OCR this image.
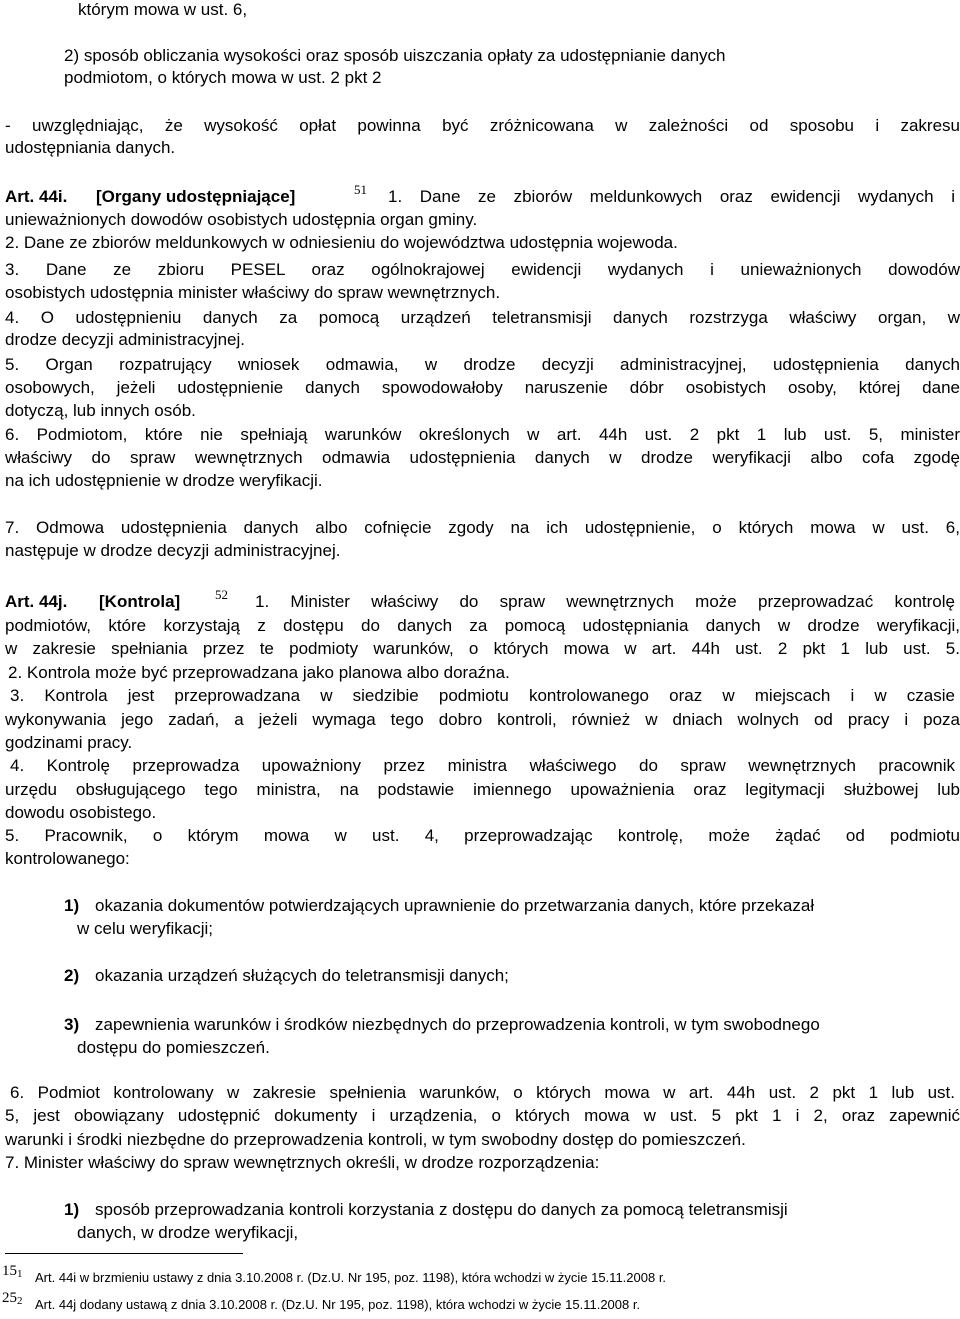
którym mowa w ust. 6,

2) sposób obliczania wysokości oraz sposób uiszczania opłaty za udostępnianie danych

podmiotom, o których mowa w ust. 2 pkt 2

- uwzględniając, że wysokość opłat powinna być zróżnicowana w zależności od sposobu i zakresu

udostępniania danych.

Art. 44i. [Organy udostępniające]	51 1. Dane ze zbiorów meldunkowych oraz ewidencji wydanych i

unieważnionych dowodów osobistych udostępnia organ gminy.

2. Dane ze zbiorów meldunkowych w odniesieniu do województwa udostępnia wojewoda.

3. Dane ze zbioru PESEL oraz ogólnokrajowej ewidencji wydanych i unieważnionych dowodów

osobistych udostępnia minister właściwy do spraw wewnętrznych.

4. O udostępnieniu danych za pomocą urządzeń teletransmisji danych rozstrzyga właściwy organ, w

drodze decyzji administracyjnej.

5. Organ rozpatrujący wniosek odmawia, w drodze decyzji administracyjnej, udostępnienia danych

osobowych, jeżeli udostępnienie danych spowodowałoby naruszenie dóbr osobistych osoby, której dane

dotyczą, lub innych osób.

6. Podmiotom, które nie spełniają warunków określonych w art. 44h ust. 2 pkt 1 lub ust. 5, minister

właściwy do spraw wewnętrznych odmawia udostępnienia danych w drodze weryfikacji albo cofa zgodę

na ich udostępnienie w drodze weryfikacji.

7. Odmowa udostępnienia danych albo cofnięcie zgody na ich udostępnienie, o których mowa w ust. 6,

następuje w drodze decyzji administracyjnej.

Art. 44j. [Kontrola]	52 1. Minister właściwy do spraw wewnętrznych może przeprowadzać kontrolę

podmiotów, które korzystają z dostępu do danych za pomocą udostępniania danych w drodze weryfikacji,

w zakresie spełniania przez te podmioty warunków, o których mowa w art. 44h ust. 2 pkt 1 lub ust. 5.

2. Kontrola może być przeprowadzana jako planowa albo doraźna.

3. Kontrola jest przeprowadzana w siedzibie podmiotu kontrolowanego oraz w miejscach i w czasie

wykonywania jego zadań, a jeżeli wymaga tego dobro kontroli, również w dniach wolnych od pracy i poza

godzinami pracy.

4. Kontrolę przeprowadza upoważniony przez ministra właściwego do spraw wewnętrznych pracownik

urzędu obsługującego tego ministra, na podstawie imiennego upoważnienia oraz legitymacji służbowej lub

dowodu osobistego.

5. Pracownik, o którym mowa w ust. 4, przeprowadzając kontrolę, może żądać od podmiotu

kontrolowanego:

1) okazania dokumentów potwierdzających uprawnienie do przetwarzania danych, które przekazał

w celu weryfikacji;

2) okazania urządzeń służących do teletransmisji danych;

3) zapewnienia warunków i środków niezbędnych do przeprowadzenia kontroli, w tym swobodnego

dostępu do pomieszczeń.

6. Podmiot kontrolowany w zakresie spełnienia warunków, o których mowa w art. 44h ust. 2 pkt 1 lub ust.

5, jest obowiązany udostępnić dokumenty i urządzenia, o których mowa w ust. 5 pkt 1 i 2, oraz zapewnić

warunki i środki niezbędne do przeprowadzenia kontroli, w tym swobodny dostęp do pomieszczeń.

7. Minister właściwy do spraw wewnętrznych określi, w drodze rozporządzenia:

1) sposób przeprowadzania kontroli korzystania z dostępu do danych za pomocą teletransmisji

danych, w drodze weryfikacji,

$15_1$ Art. 44i w brzmieniu ustawy z dnia 3.10.2008 r. (Dz.U. Nr 195, poz. 1198), która wchodzi w życie 15.11.2008 r.
$25_2$ Art. 44j dodany ustawą z dnia 3.10.2008 r. (Dz.U. Nr 195, poz. 1198), która wchodzi w życie 15.11.2008 r.
